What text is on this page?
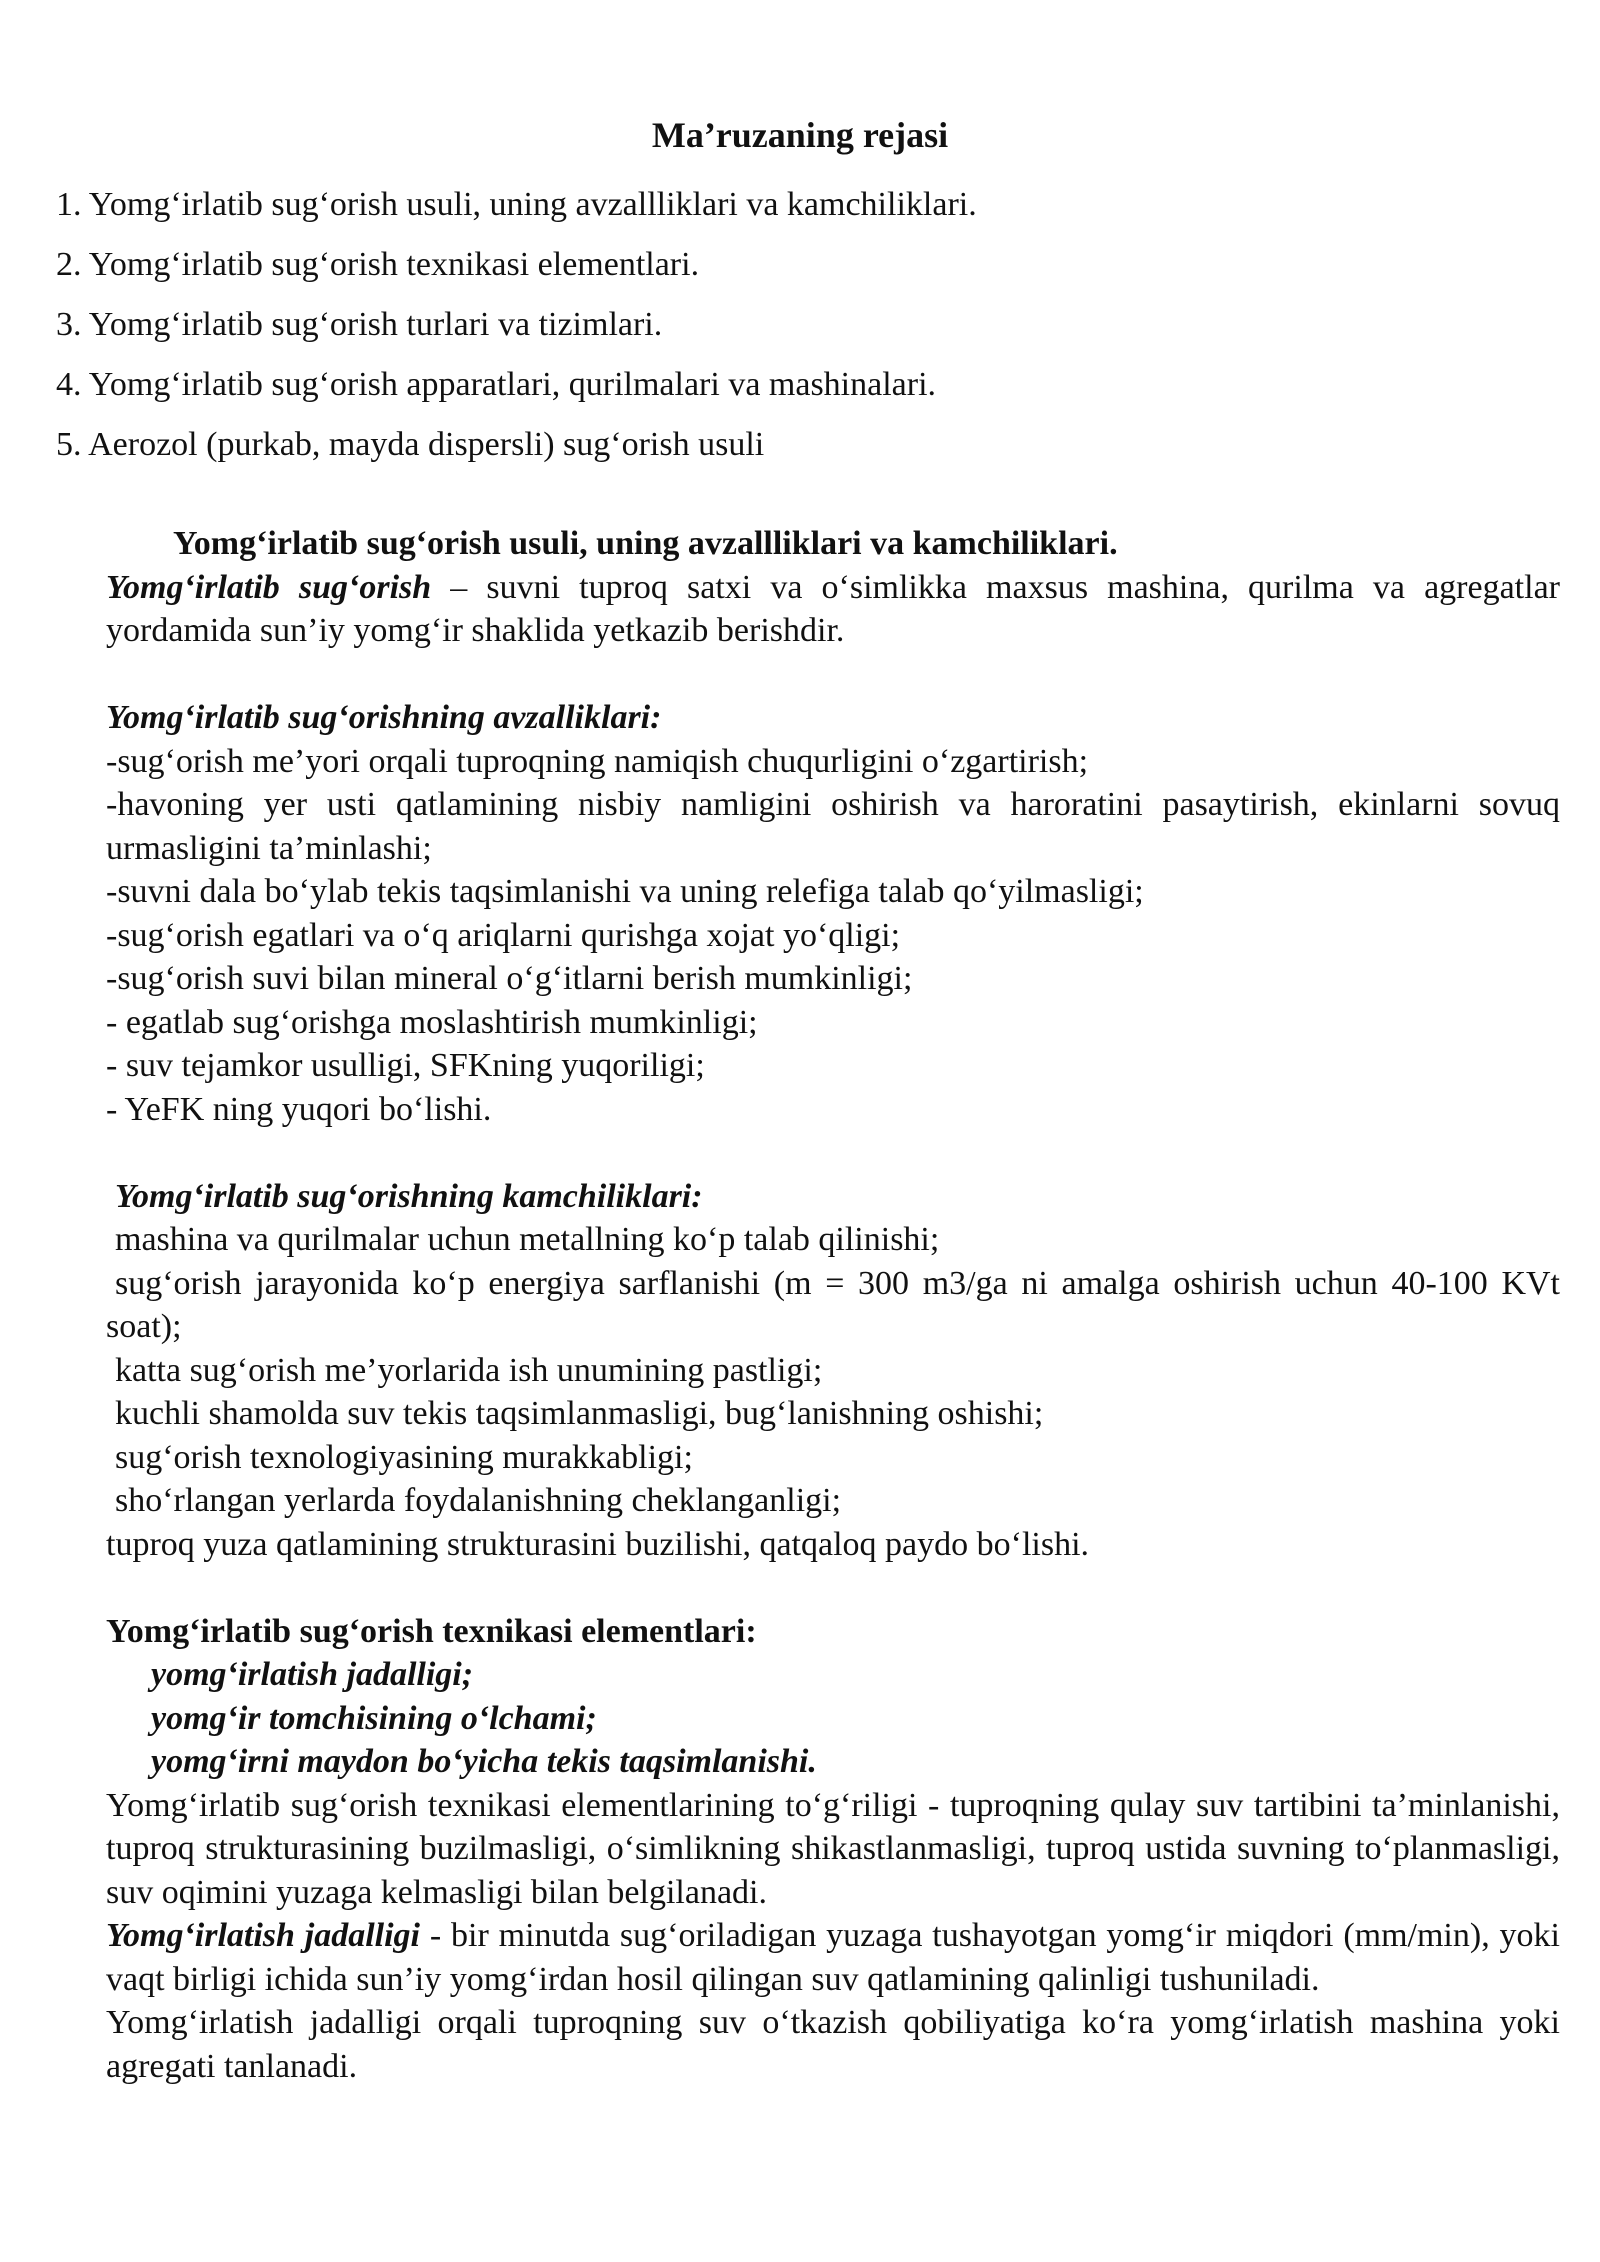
Ma’ruzaning rejasi
1. Yomg‘irlatib sug‘orish usuli, uning avzallliklari va kamchiliklari.
2. Yomg‘irlatib sug‘orish texnikasi elementlari.
3. Yomg‘irlatib sug‘orish turlari va tizimlari.
4. Yomg‘irlatib sug‘orish apparatlari, qurilmalari va mashinalari.
5. Aerozol (purkab, mayda dispersli) sug‘orish usuli

Yomg‘irlatib sug‘orish usuli, uning avzallliklari va kamchiliklari.

Yomg‘irlatib sug‘orish – suvni tuproq satxi va o‘simlikka maxsus mashina, qurilma va agregatlar yordamida sun’iy yomg‘ir shaklida yetkazib berishdir.

Yomg‘irlatib sug‘orishning avzalliklari:

-sug‘orish me’yori orqali tuproqning namiqish chuqurligini o‘zgartirish;

-havoning yer usti qatlamining nisbiy namligini oshirish va haroratini pasaytirish, ekinlarni sovuq urmasligini ta’minlashi;

-suvni dala bo‘ylab tekis taqsimlanishi va uning relefiga talab qo‘yilmasligi;

-sug‘orish egatlari va o‘q ariqlarni qurishga xojat yo‘qligi;

-sug‘orish suvi bilan mineral o‘g‘itlarni berish mumkinligi;

- egatlab sug‘orishga moslashtirish mumkinligi;

- suv tejamkor usulligi, SFKning yuqoriligi;

- YeFK ning yuqori bo‘lishi.

Yomg‘irlatib sug‘orishning kamchiliklari:

mashina va qurilmalar uchun metallning ko‘p talab qilinishi;

sug‘orish jarayonida ko‘p energiya sarflanishi (m = 300 m3/ga ni amalga oshirish uchun 40-100 KVt soat);

katta sug‘orish me’yorlarida ish unumining pastligi;

kuchli shamolda suv tekis taqsimlanmasligi, bug‘lanishning oshishi;

sug‘orish texnologiyasining murakkabligi;

sho‘rlangan yerlarda foydalanishning cheklanganligi;

tuproq yuza qatlamining strukturasini buzilishi, qatqaloq paydo bo‘lishi.

Yomg‘irlatib sug‘orish texnikasi elementlari:

yomg‘irlatish jadalligi;

yomg‘ir tomchisining o‘lchami;

yomg‘irni maydon bo‘yicha tekis taqsimlanishi.

Yomg‘irlatib sug‘orish texnikasi elementlarining to‘g‘riligi - tuproqning qulay suv tartibini ta’minlanishi, tuproq strukturasining buzilmasligi, o‘simlikning shikastlanmasligi, tuproq ustida suvning to‘planmasligi, suv oqimini yuzaga kelmasligi bilan belgilanadi.

Yomg‘irlatish jadalligi - bir minutda sug‘oriladigan yuzaga tushayotgan yomg‘ir miqdori (mm/min), yoki vaqt birligi ichida sun’iy yomg‘irdan hosil qilingan suv qatlamining qalinligi tushuniladi.

Yomg‘irlatish jadalligi orqali tuproqning suv o‘tkazish qobiliyatiga ko‘ra yomg‘irlatish mashina yoki agregati tanlanadi.
